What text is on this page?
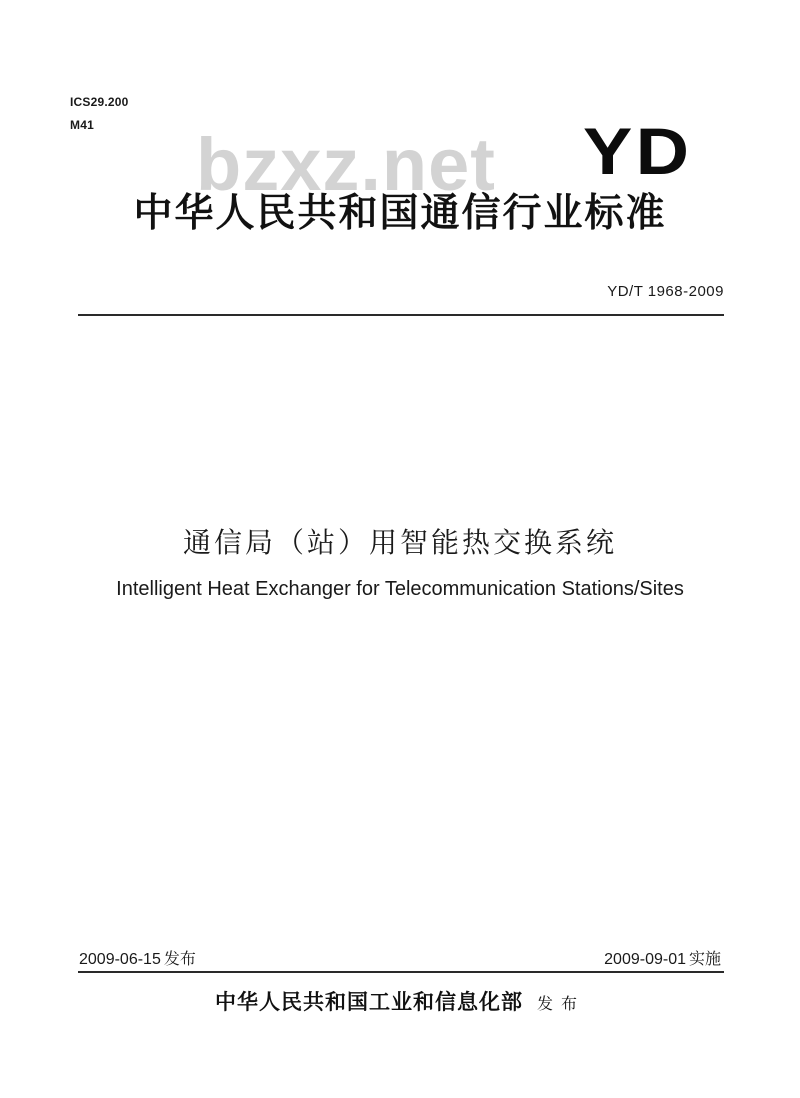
ICS29.200
M41 bzxz.net YD
中华人民共和国通信行业标准
YD/T 1968-2009
通信局（站）用智能热交换系统
Intelligent Heat Exchanger for Telecommunication Stations/Sites
2009-06-15 发布	2009-09-01 实施
中华人民共和国工业和信息化部 发布
